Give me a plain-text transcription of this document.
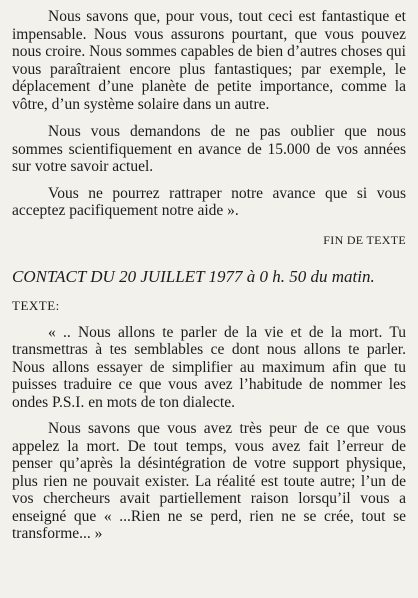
Nous savons que, pour vous, tout ceci est fantastique et impensable. Nous vous assurons pourtant, que vous pouvez nous croire. Nous sommes capables de bien d’autres choses qui vous paraîtraient encore plus fantastiques; par exemple, le déplacement d’une planète de petite importance, comme la vôtre, d’un système solaire dans un autre.

Nous vous demandons de ne pas oublier que nous sommes scientifiquement en avance de 15.000 de vos années sur votre savoir actuel.

Vous ne pourrez rattraper notre avance que si vous acceptez pacifiquement notre aide ».

FIN DE TEXTE

CONTACT DU 20 JUILLET 1977 à 0 h. 50 du matin.

TEXTE:

« .. Nous allons te parler de la vie et de la mort. Tu transmettras à tes semblables ce dont nous allons te parler. Nous allons essayer de simplifier au maximum afin que tu puisses traduire ce que vous avez l’habitude de nommer les ondes P.S.I. en mots de ton dialecte.

Nous savons que vous avez très peur de ce que vous appelez la mort. De tout temps, vous avez fait l’erreur de penser qu’après la désintégration de votre support physique, plus rien ne pouvait exister. La réalité est toute autre; l’un de vos chercheurs avait partiellement raison lorsqu’il vous a enseigné que « ...Rien ne se perd, rien ne se crée, tout se transforme... »
